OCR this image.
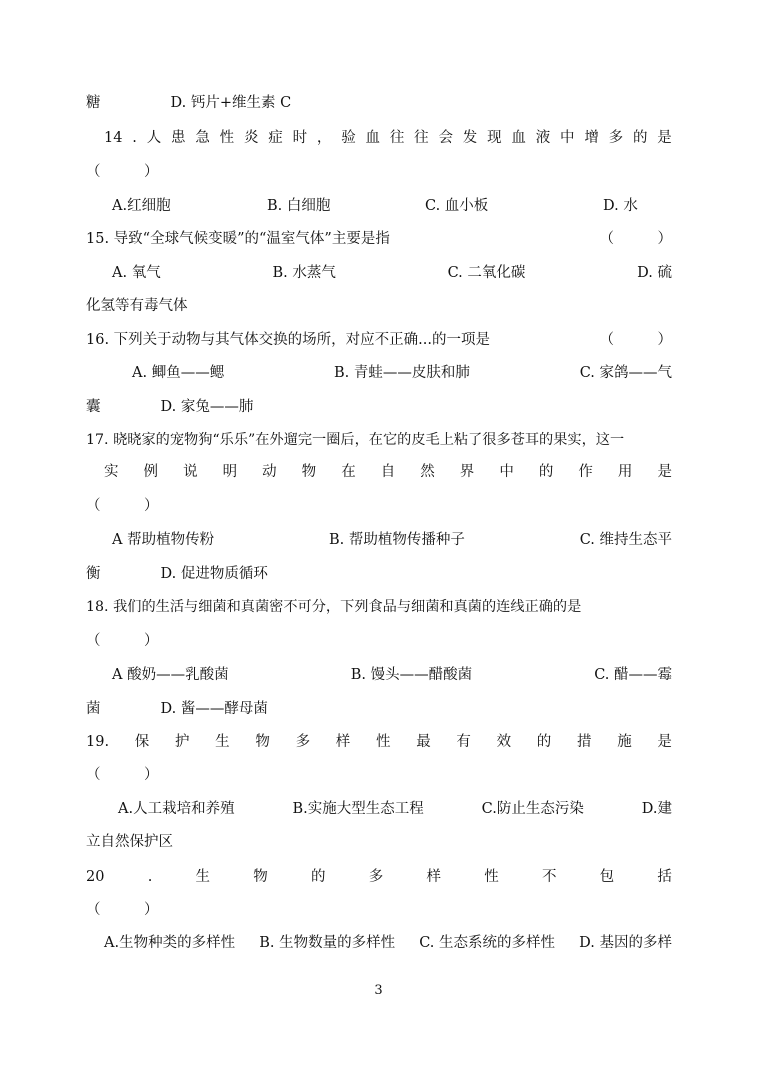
糖	D. 钙片+维生素 C
14 . 人 患 急 性 炎 症 时 ， 验 血 往 往 会 发 现 血 液 中 增 多 的 是
（　　　）
A.红细胞	B. 白细胞	C. 血小板	D. 水
15. 导致“全球气候变暖”的“温室气体”主要是指	（　　　）
A. 氧气	B. 水蒸气	C. 二氧化碳	D. 硫
化氢等有毒气体
16. 下列关于动物与其气体交换的场所，对应不正确...的一项是	（　　　）
A. 鲫鱼——鳃	B. 青蛙——皮肤和肺	C. 家鸽——气
囊	D. 家兔——肺
17. 晓晓家的宠物狗“乐乐”在外遛完一圈后，在它的皮毛上粘了很多苍耳的果实，这一
实 例 说 明 动 物 在 自 然 界 中 的 作 用 是
（　　　）
A 帮助植物传粉	B. 帮助植物传播种子	C. 维持生态平
衡	D. 促进物质循环
18. 我们的生活与细菌和真菌密不可分，下列食品与细菌和真菌的连线正确的是
（　　　）
A 酸奶——乳酸菌	B. 馒头——醋酸菌	C. 醋——霉
菌	D. 酱——酵母菌
19. 保 护 生 物 多 样 性 最 有 效 的 措 施 是
（　　　）
A.人工栽培和养殖	B.实施大型生态工程	C.防止生态污染	D.建
立自然保护区
20	.	生	物	的	多	样	性	不	包	括
（　　　）
A.生物种类的多样性 B. 生物数量的多样性 C. 生态系统的多样性 D. 基因的多样
3
